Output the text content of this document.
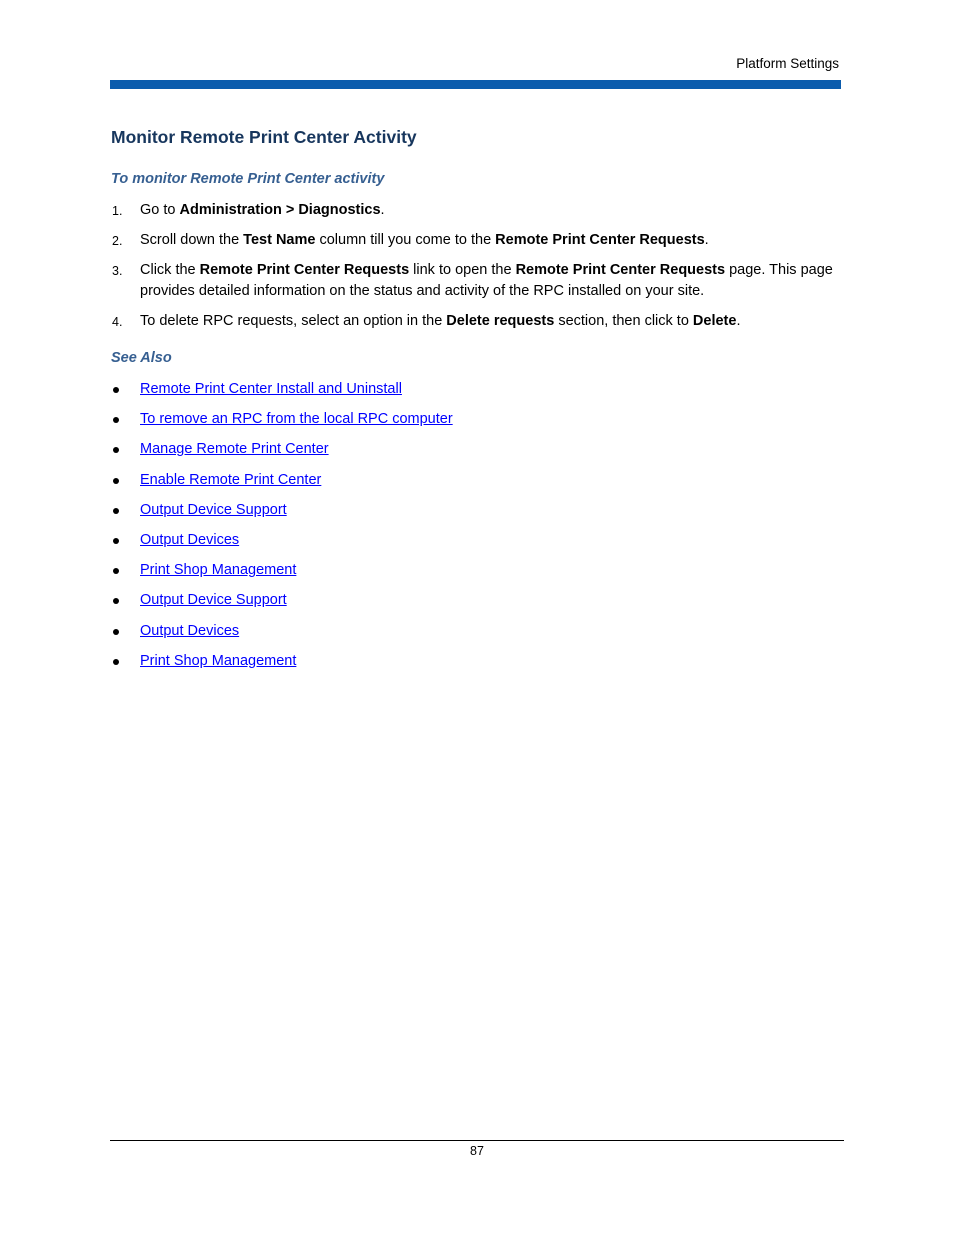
Platform Settings
Monitor Remote Print Center Activity
To monitor Remote Print Center activity
1. Go to Administration > Diagnostics.
2. Scroll down the Test Name column till you come to the Remote Print Center Requests.
3. Click the Remote Print Center Requests link to open the Remote Print Center Requests page. This page provides detailed information on the status and activity of the RPC installed on your site.
4. To delete RPC requests, select an option in the Delete requests section, then click to Delete.
See Also
Remote Print Center Install and Uninstall
To remove an RPC from the local RPC computer
Manage Remote Print Center
Enable Remote Print Center
Output Device Support
Output Devices
Print Shop Management
Output Device Support
Output Devices
Print Shop Management
87
